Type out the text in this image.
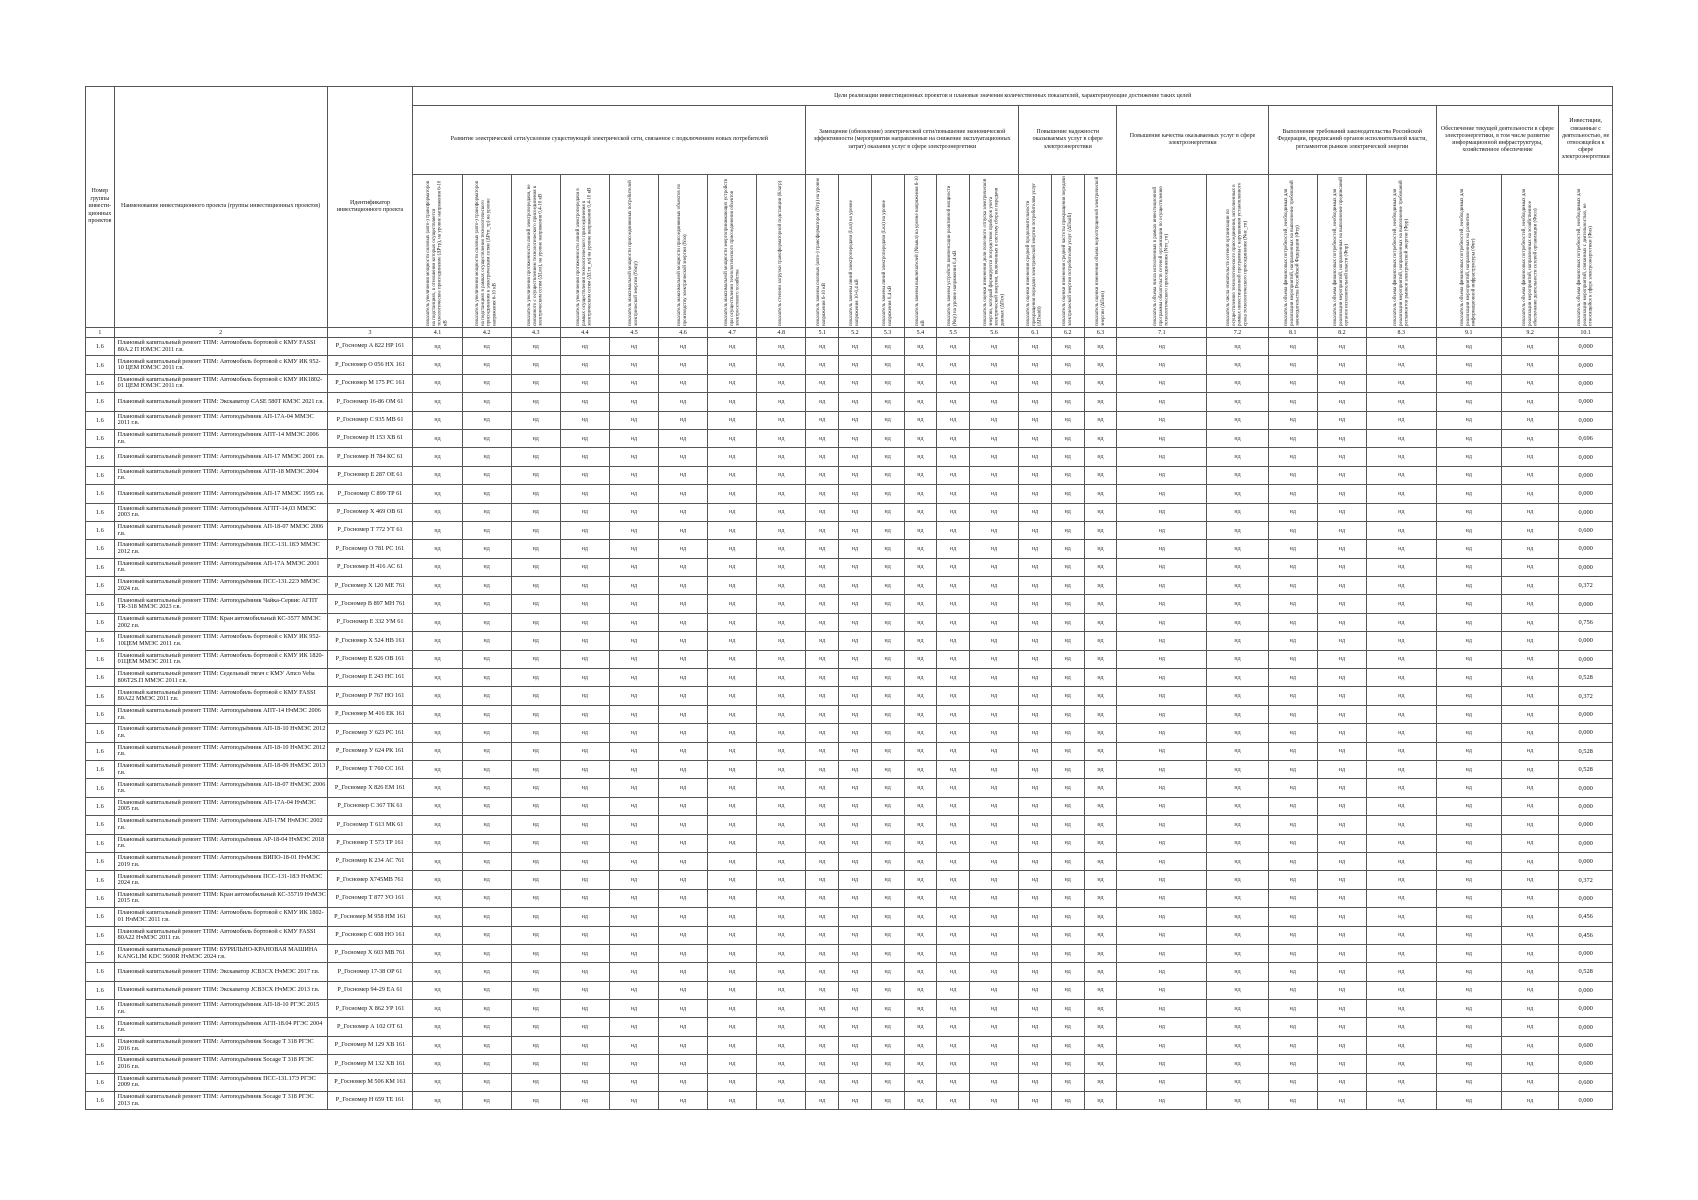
Номер группы инвести-ционных проектов	Наименование инвестиционного проекта (группы инвестиционных проектов)	Идентификатор инвестиционного проекта	Цели реализации инвестиционных проектов и плановые значения количественных показателей, характеризующие достижение таких целей																								
			Развитие электрической сети/усиление существующей электрической сети, связанное с подключением новых потребителей								Замещение (обновление) электрической сети/повышение экономической эффективности (мероприятия направленные на снижение эксплуатационных затрат) оказания услуг в сфере электроэнергетики						Повышение надежности оказываемых услуг в сфере электроэнергетики			Повышение качества оказываемых услуг в сфере электроэнергетики		Выполнение требований законодательства Российской Федерации, предписаний органов исполнительной власти, регламентов рынков электрической энергии			Обеспечение текущей деятельности в сфере электроэнергетики, в том числе развитие информационной инфраструктуры, хозяйственное обеспечение		Инвестиции, связанные с деятельностью, не относящейся к сфере электроэнергетики

			показатель увеличения мощности силовых (авто-) трансформаторов на подстанциях, в отношении которых осуществляется технологическое присоединение (ΔPтр), на уровне напряжения 6-10 кВ	показатель увеличения мощности силовых (авто-) трансформаторов на подстанциях в рамках осуществления технологического присоединения к электрическим сетям (ΔPтп_тр) на уровне напряжения 6-10 кВ	показатель увеличения протяженности линий электропередачи, не связанного с осуществлением технологического присоединения к электрическим сетям (ΔLвл), на уровне напряжения 0,4-10 кВ	показатель увеличения протяженности линий электропередачи в рамках осуществления технологического присоединения к электрическим сетям (ΔLтп_вл) на уровне напряжения 0,4-10 кВ	показатель максимальной мощности присоединяемых потребителей электрической энергии (Nэпу)	показатель максимальной мощности присоединяемых объектов по производству электрической энергии (Nээ)	показатель максимальной мощности энергопринимающих устройств при осуществлении технологического присоединения объектов электросетевого хозяйства	показатель степени загрузки трансформаторной подстанции (Kзагр)	показатель замены силовых (авто-) трансформаторов (Nтр) на уровне напряжения 6-10 кВ	показатель замены линий электропередачи (Lвл) на уровне напряжения 10-0,4 кВ	показатель замены линий электропередачи (Lкл) на уровне напряжения 0,4 кВ	показатель замены выключателей (Nвыкл) на уровне напряжения 6-10 кВ	показатель замены устройств компенсации реактивной мощности (Nку) на уровне напряжения 0,4 кВ	показатель оценки изменения доли полезного отпуска электрической энергии, который формируется посредством приборов учета электрической энергии, включенных в систему сбора и передачи данных (ΔПсч)	показатель оценки изменения средней продолжительности прекращения передачи электрической энергии потребителям услуг (ΔПsaidi)	показатель оценки изменения средней частоты прекращения передачи электрической энергии потребителям услуг (ΔПsaifi)	показатель оценки изменения объема недоотпущенной электрической энергии (ΔПens)	показатель объема числа исполненных в рамках инвестиционной программы обязательств сетевой организации по осуществлению технологического присоединения (Nтп_тп)	показатель числа обязательств сетевой организации по осуществлению технологического присоединения, исполненных в рамках инвестиционной программы с нарушением установленного срока технологического присоединения (Nнс_тп)	показатель объема финансовых потребностей, необходимых для реализации мероприятий, направленных на выполнение требований законодательства Российской Федерации (Фтр)	показатель объема финансовых потребностей, необходимых для реализации мероприятий, направленных на выполнение предписаний органов исполнительной власти (Фпр)	показатель объема финансовых потребностей, необходимых для реализации мероприятий, направленных на выполнение требований регламентов рынков электрической энергии (Фрр)	показатель объема финансовых потребностей, необходимых для реализации мероприятий, направленных на развитие информационной инфраструктуры (Фит)	показатель объема финансовых потребностей, необходимых для реализации мероприятий, направленных на хозяйственное обеспечение деятельности сетевой организации (Фхоз)	показатель объема финансовых потребностей, необходимых для реализации мероприятий, связанных с деятельностью, не относящейся к сфере электроэнергетики (Фнэ)

1	2	3	4.1	4.2	4.3	4.4	4.5	4.6	4.7	4.8	5.1	5.2	5.3	5.4	5.5	5.6	6.1	6.2	6.3	7.1	7.2	8.1	8.2	8.3	9.1	9.2	10.1
1.6	Плановый капитальный ремонт ТПМ: Автомобиль бортовой с КМУ FASSI 80A.2 П ЮМЭС 2011 г.в.	P_Госномер А 822 НР 161	нд	нд	нд	нд	нд	нд	нд	нд	нд	нд	нд	нд	нд	нд	нд	нд	нд	нд	нд	нд	нд	нд	нд	нд	0,000
1.6	Плановый капитальный ремонт ТПМ: Автомобиль бортовой с КМУ ИК 952-10 ЦЕМ ЮМЭС 2011 г.в.	P_Госномер О 056 НХ 161	нд	нд	нд	нд	нд	нд	нд	нд	нд	нд	нд	нд	нд	нд	нд	нд	нд	нд	нд	нд	нд	нд	нд	нд	0,000
1.6	Плановый капитальный ремонт ТПМ: Автомобиль бортовой с КМУ ИК1802-01 ЦЕМ ЮМЭС 2011 г.в.	P_Госномер М 175 РС 161	нд	нд	нд	нд	нд	нд	нд	нд	нд	нд	нд	нд	нд	нд	нд	нд	нд	нд	нд	нд	нд	нд	нд	нд	0,000
1.6	Плановый капитальный ремонт ТПМ: Экскаватор CASE 580T КМЭС 2021 г.в.	P_Госномер 16-86 ОМ 61	нд	нд	нд	нд	нд	нд	нд	нд	нд	нд	нд	нд	нд	нд	нд	нд	нд	нд	нд	нд	нд	нд	нд	нд	0,000
1.6	Плановый капитальный ремонт ТПМ: Автоподъёмник АП-17А-04 ММЭС 2011 г.в.	P_Госномер С 935 МВ 61	нд	нд	нд	нд	нд	нд	нд	нд	нд	нд	нд	нд	нд	нд	нд	нд	нд	нд	нд	нд	нд	нд	нд	нд	0,000
1.6	Плановый капитальный ремонт ТПМ: Автоподъёмник АПТ-14 ММЭС 2006 г.в.	P_Госномер Н 153 ХВ 61	нд	нд	нд	нд	нд	нд	нд	нд	нд	нд	нд	нд	нд	нд	нд	нд	нд	нд	нд	нд	нд	нд	нд	нд	0,696
1.6	Плановый капитальный ремонт ТПМ: Автоподъёмник АП-17 ММЭС 2001 г.в.	P_Госномер Н 784 КС 61	нд	нд	нд	нд	нд	нд	нд	нд	нд	нд	нд	нд	нд	нд	нд	нд	нд	нд	нд	нд	нд	нд	нд	нд	0,000
1.6	Плановый капитальный ремонт ТПМ: Автоподъёмник АГП-18 ММЭС 2004 г.в.	P_Госномер Е 287 ОЕ 61	нд	нд	нд	нд	нд	нд	нд	нд	нд	нд	нд	нд	нд	нд	нд	нд	нд	нд	нд	нд	нд	нд	нд	нд	0,000
1.6	Плановый капитальный ремонт ТПМ: Автоподъёмник АП-17 ММЭС 1995 г.в.	P_Госномер С 899 ТР 61	нд	нд	нд	нд	нд	нд	нд	нд	нд	нд	нд	нд	нд	нд	нд	нд	нд	нд	нд	нд	нд	нд	нд	нд	0,000
1.6	Плановый капитальный ремонт ТПМ: Автоподъёмник АГПТ-14,03 ММЭС 2003 г.в.	P_Госномер Х 469 ОВ 61	нд	нд	нд	нд	нд	нд	нд	нд	нд	нд	нд	нд	нд	нд	нд	нд	нд	нд	нд	нд	нд	нд	нд	нд	0,000
1.6	Плановый капитальный ремонт ТПМ: Автоподъёмник АП-18-07 ММЭС 2006 г.в.	P_Госномер Т 772 УТ 61	нд	нд	нд	нд	нд	нд	нд	нд	нд	нд	нд	нд	нд	нд	нд	нд	нд	нд	нд	нд	нд	нд	нд	нд	0,600
1.6	Плановый капитальный ремонт ТПМ: Автоподъёмник ПСС-131.18Э ММЭС 2012 г.в.	P_Госномер О 781 РС 161	нд	нд	нд	нд	нд	нд	нд	нд	нд	нд	нд	нд	нд	нд	нд	нд	нд	нд	нд	нд	нд	нд	нд	нд	0,000
1.6	Плановый капитальный ремонт ТПМ: Автоподъёмник АП-17А ММЭС 2001 г.в.	P_Госномер Н 416 АС 61	нд	нд	нд	нд	нд	нд	нд	нд	нд	нд	нд	нд	нд	нд	нд	нд	нд	нд	нд	нд	нд	нд	нд	нд	0,000
1.6	Плановый капитальный ремонт ТПМ: Автоподъёмник ПСС-131.22Э ММЭС 2024 г.в.	P_Госномер Х 120 МЕ 761	нд	нд	нд	нд	нд	нд	нд	нд	нд	нд	нд	нд	нд	нд	нд	нд	нд	нд	нд	нд	нд	нд	нд	нд	0,372
1.6	Плановый капитальный ремонт ТПМ: Автоподъёмник Чайка-Сервис АГПТ TR-318 ММЭС 2023 г.в.	P_Госномер В 897 МН 761	нд	нд	нд	нд	нд	нд	нд	нд	нд	нд	нд	нд	нд	нд	нд	нд	нд	нд	нд	нд	нд	нд	нд	нд	0,000
1.6	Плановый капитальный ремонт ТПМ: Кран автомобильный КС-3577 ММЭС 2002 г.в.	P_Госномер Е 332 УМ 61	нд	нд	нд	нд	нд	нд	нд	нд	нд	нд	нд	нд	нд	нд	нд	нд	нд	нд	нд	нд	нд	нд	нд	нд	0,756
1.6	Плановый капитальный ремонт ТПМ: Автомобиль бортовой с КМУ ИК 952-10ЦЕМ ММЭС 2011 г.в.	P_Госномер Х 524 НВ 161	нд	нд	нд	нд	нд	нд	нд	нд	нд	нд	нд	нд	нд	нд	нд	нд	нд	нд	нд	нд	нд	нд	нд	нд	0,000
1.6	Плановый капитальный ремонт ТПМ: Автомобиль бортовой с КМУ ИК 1820-01ЦЕМ ММЭС 2011 г.в.	P_Госномер Е 926 ОВ 161	нд	нд	нд	нд	нд	нд	нд	нд	нд	нд	нд	нд	нд	нд	нд	нд	нд	нд	нд	нд	нд	нд	нд	нд	0,000
1.6	Плановый капитальный ремонт ТПМ: Седельный тягач с КМУ Amco Veba 806T2S.П ММЭС 2011 г.в.	P_Госномер Е 243 НС 161	нд	нд	нд	нд	нд	нд	нд	нд	нд	нд	нд	нд	нд	нд	нд	нд	нд	нд	нд	нд	нд	нд	нд	нд	0,528
1.6	Плановый капитальный ремонт ТПМ: Автомобиль бортовой с КМУ FASSI 80A22 ММЭС 2011 г.в.	P_Госномер Р 767 НО 161	нд	нд	нд	нд	нд	нд	нд	нд	нд	нд	нд	нд	нд	нд	нд	нд	нд	нд	нд	нд	нд	нд	нд	нд	0,372
1.6	Плановый капитальный ремонт ТПМ: Автоподъёмник АПТ-14 НчМЭС 2006 г.в.	P_Госномер М 416 ЕК 161	нд	нд	нд	нд	нд	нд	нд	нд	нд	нд	нд	нд	нд	нд	нд	нд	нд	нд	нд	нд	нд	нд	нд	нд	0,000
1.6	Плановый капитальный ремонт ТПМ: Автоподъёмник АП-18-10 НчМЭС 2012 г.в.	P_Госномер У 623 РС 161	нд	нд	нд	нд	нд	нд	нд	нд	нд	нд	нд	нд	нд	нд	нд	нд	нд	нд	нд	нд	нд	нд	нд	нд	0,000
1.6	Плановый капитальный ремонт ТПМ: Автоподъёмник АП-18-10 НчМЭС 2012 г.в.	P_Госномер У 624 РК 161	нд	нд	нд	нд	нд	нд	нд	нд	нд	нд	нд	нд	нд	нд	нд	нд	нд	нд	нд	нд	нд	нд	нд	нд	0,528
1.6	Плановый капитальный ремонт ТПМ: Автоподъёмник АП-18-09 НчМЭС 2013 г.в.	P_Госномер Т 760 СС 161	нд	нд	нд	нд	нд	нд	нд	нд	нд	нд	нд	нд	нд	нд	нд	нд	нд	нд	нд	нд	нд	нд	нд	нд	0,528
1.6	Плановый капитальный ремонт ТПМ: Автоподъёмник АП-18-07 НчМЭС 2006 г.в.	P_Госномер Х 826 ЕМ 161	нд	нд	нд	нд	нд	нд	нд	нд	нд	нд	нд	нд	нд	нд	нд	нд	нд	нд	нд	нд	нд	нд	нд	нд	0,000
1.6	Плановый капитальный ремонт ТПМ: Автоподъёмник АП-17А-04 НчМЭС 2005 г.в.	P_Госномер С 367 ТК 61	нд	нд	нд	нд	нд	нд	нд	нд	нд	нд	нд	нд	нд	нд	нд	нд	нд	нд	нд	нд	нд	нд	нд	нд	0,000
1.6	Плановый капитальный ремонт ТПМ: Автоподъёмник АП-17М НчМЭС 2002 г.в.	P_Госномер Т 613 МК 61	нд	нд	нд	нд	нд	нд	нд	нд	нд	нд	нд	нд	нд	нд	нд	нд	нд	нд	нд	нд	нд	нд	нд	нд	0,000
1.6	Плановый капитальный ремонт ТПМ: Автоподъёмник АР-18-04 НчМЭС 2018 г.в.	P_Госномер Т 573 ТР 161	нд	нд	нд	нд	нд	нд	нд	нд	нд	нд	нд	нд	нд	нд	нд	нд	нд	нд	нд	нд	нд	нд	нд	нд	0,000
1.6	Плановый капитальный ремонт ТПМ: Автоподъёмник ВИПО-18-01 НчМЭС 2019 г.в.	P_Госномер К 234 АС 761	нд	нд	нд	нд	нд	нд	нд	нд	нд	нд	нд	нд	нд	нд	нд	нд	нд	нд	нд	нд	нд	нд	нд	нд	0,000
1.6	Плановый капитальный ремонт ТПМ: Автоподъёмник ПСС-131-18Э НчМЭС 2024 г.в.	P_Госномер Х745МВ 761	нд	нд	нд	нд	нд	нд	нд	нд	нд	нд	нд	нд	нд	нд	нд	нд	нд	нд	нд	нд	нд	нд	нд	нд	0,372
1.6	Плановый капитальный ремонт ТПМ: Кран автомобильный КС-35719 НчМЭС 2015 г.в.	P_Госномер Т 877 УО 161	нд	нд	нд	нд	нд	нд	нд	нд	нд	нд	нд	нд	нд	нд	нд	нд	нд	нд	нд	нд	нд	нд	нд	нд	0,000
1.6	Плановый капитальный ремонт ТПМ: Автомобиль бортовой с КМУ ИК 1802-01 НчМЭС 2011 г.в.	P_Госномер М 958 НМ 161	нд	нд	нд	нд	нд	нд	нд	нд	нд	нд	нд	нд	нд	нд	нд	нд	нд	нд	нд	нд	нд	нд	нд	нд	0,456
1.6	Плановый капитальный ремонт ТПМ: Автомобиль бортовой с КМУ FASSI 80A22 НчМЭС 2011 г.в.	P_Госномер С 608 НО 161	нд	нд	нд	нд	нд	нд	нд	нд	нд	нд	нд	нд	нд	нд	нд	нд	нд	нд	нд	нд	нд	нд	нд	нд	0,456
1.6	Плановый капитальный ремонт ТПМ: БУРИЛЬНО-КРАНОВАЯ МАШИНА KANGLIM KDC 5600R НчМЭС 2024 г.в.	P_Госномер Х 603 МВ 761	нд	нд	нд	нд	нд	нд	нд	нд	нд	нд	нд	нд	нд	нд	нд	нд	нд	нд	нд	нд	нд	нд	нд	нд	0,000
1.6	Плановый капитальный ремонт ТПМ: Экскаватор JCB3CX НчМЭС 2017 г.в.	P_Госномер 17-38 ОР 61	нд	нд	нд	нд	нд	нд	нд	нд	нд	нд	нд	нд	нд	нд	нд	нд	нд	нд	нд	нд	нд	нд	нд	нд	0,528
1.6	Плановый капитальный ремонт ТПМ: Экскаватор JCB3CX НчМЭС 2013 г.в.	P_Госномер 94-29 ЕА 61	нд	нд	нд	нд	нд	нд	нд	нд	нд	нд	нд	нд	нд	нд	нд	нд	нд	нд	нд	нд	нд	нд	нд	нд	0,000
1.6	Плановый капитальный ремонт ТПМ: Автоподъёмник АП-18-10 РГЭС 2015 г.в.	P_Госномер Х 862 УР 161	нд	нд	нд	нд	нд	нд	нд	нд	нд	нд	нд	нд	нд	нд	нд	нд	нд	нд	нд	нд	нд	нд	нд	нд	0,000
1.6	Плановый капитальный ремонт ТПМ: Автоподъёмник АГП-18.04 РГЭС 2004 г.в.	P_Госномер А 102 ОТ 61	нд	нд	нд	нд	нд	нд	нд	нд	нд	нд	нд	нд	нд	нд	нд	нд	нд	нд	нд	нд	нд	нд	нд	нд	0,000
1.6	Плановый капитальный ремонт ТПМ: Автоподъёмник Socage T 318 РГЭС 2016 г.в.	P_Госномер М 129 ХВ 161	нд	нд	нд	нд	нд	нд	нд	нд	нд	нд	нд	нд	нд	нд	нд	нд	нд	нд	нд	нд	нд	нд	нд	нд	0,600
1.6	Плановый капитальный ремонт ТПМ: Автоподъёмник Socage T 318 РГЭС 2016 г.в.	P_Госномер М 132 ХВ 161	нд	нд	нд	нд	нд	нд	нд	нд	нд	нд	нд	нд	нд	нд	нд	нд	нд	нд	нд	нд	нд	нд	нд	нд	0,600
1.6	Плановый капитальный ремонт ТПМ: Автоподъёмник ПСС-131.17Э РГЭС 2009 г.в.	P_Госномер М 506 КМ 161	нд	нд	нд	нд	нд	нд	нд	нд	нд	нд	нд	нд	нд	нд	нд	нд	нд	нд	нд	нд	нд	нд	нд	нд	0,600
1.6	Плановый капитальный ремонт ТПМ: Автоподъёмник Socage T 318 РГЭС 2013 г.в.	P_Госномер Н 659 ТЕ 161	нд	нд	нд	нд	нд	нд	нд	нд	нд	нд	нд	нд	нд	нд	нд	нд	нд	нд	нд	нд	нд	нд	нд	нд	0,000
